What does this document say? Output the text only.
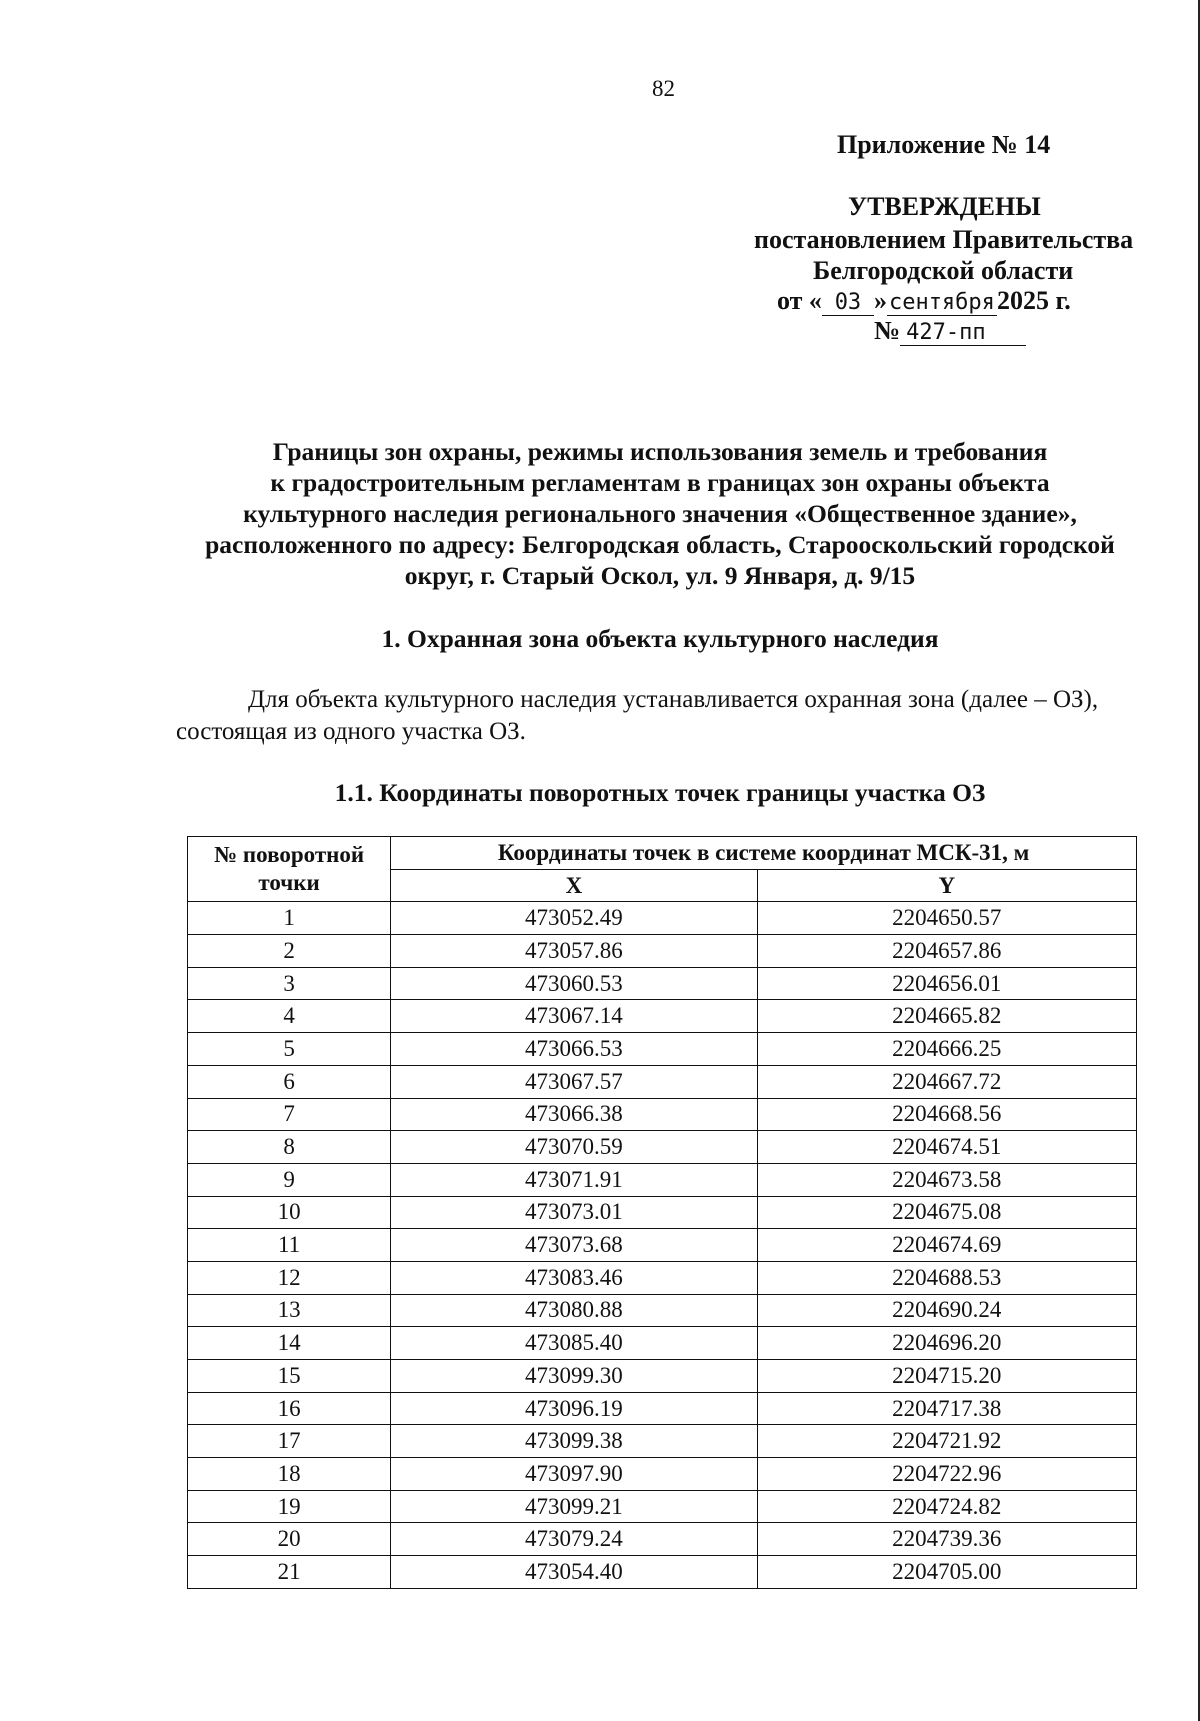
82
Приложение № 14
УТВЕРЖДЕНЫ
постановлением Правительства
Белгородской области
от « 03 »сентября2025 г.
№ 427-пп
Границы зон охраны, режимы использования земель и требования
к градостроительным регламентам в границах зон охраны объекта
культурного наследия регионального значения «Общественное здание»,
расположенного по адресу: Белгородская область, Старооскольский городской
округ, г. Старый Оскол, ул. 9 Января, д. 9/15
1. Охранная зона объекта культурного наследия
Для объекта культурного наследия устанавливается охранная зона (далее – ОЗ), состоящая из одного участка ОЗ.
1.1. Координаты поворотных точек границы участка ОЗ
№ поворотной точки	Координаты точек в системе координат МСК-31, м	
	X	Y
1	473052.49	2204650.57
2	473057.86	2204657.86
3	473060.53	2204656.01
4	473067.14	2204665.82
5	473066.53	2204666.25
6	473067.57	2204667.72
7	473066.38	2204668.56
8	473070.59	2204674.51
9	473071.91	2204673.58
10	473073.01	2204675.08
11	473073.68	2204674.69
12	473083.46	2204688.53
13	473080.88	2204690.24
14	473085.40	2204696.20
15	473099.30	2204715.20
16	473096.19	2204717.38
17	473099.38	2204721.92
18	473097.90	2204722.96
19	473099.21	2204724.82
20	473079.24	2204739.36
21	473054.40	2204705.00
